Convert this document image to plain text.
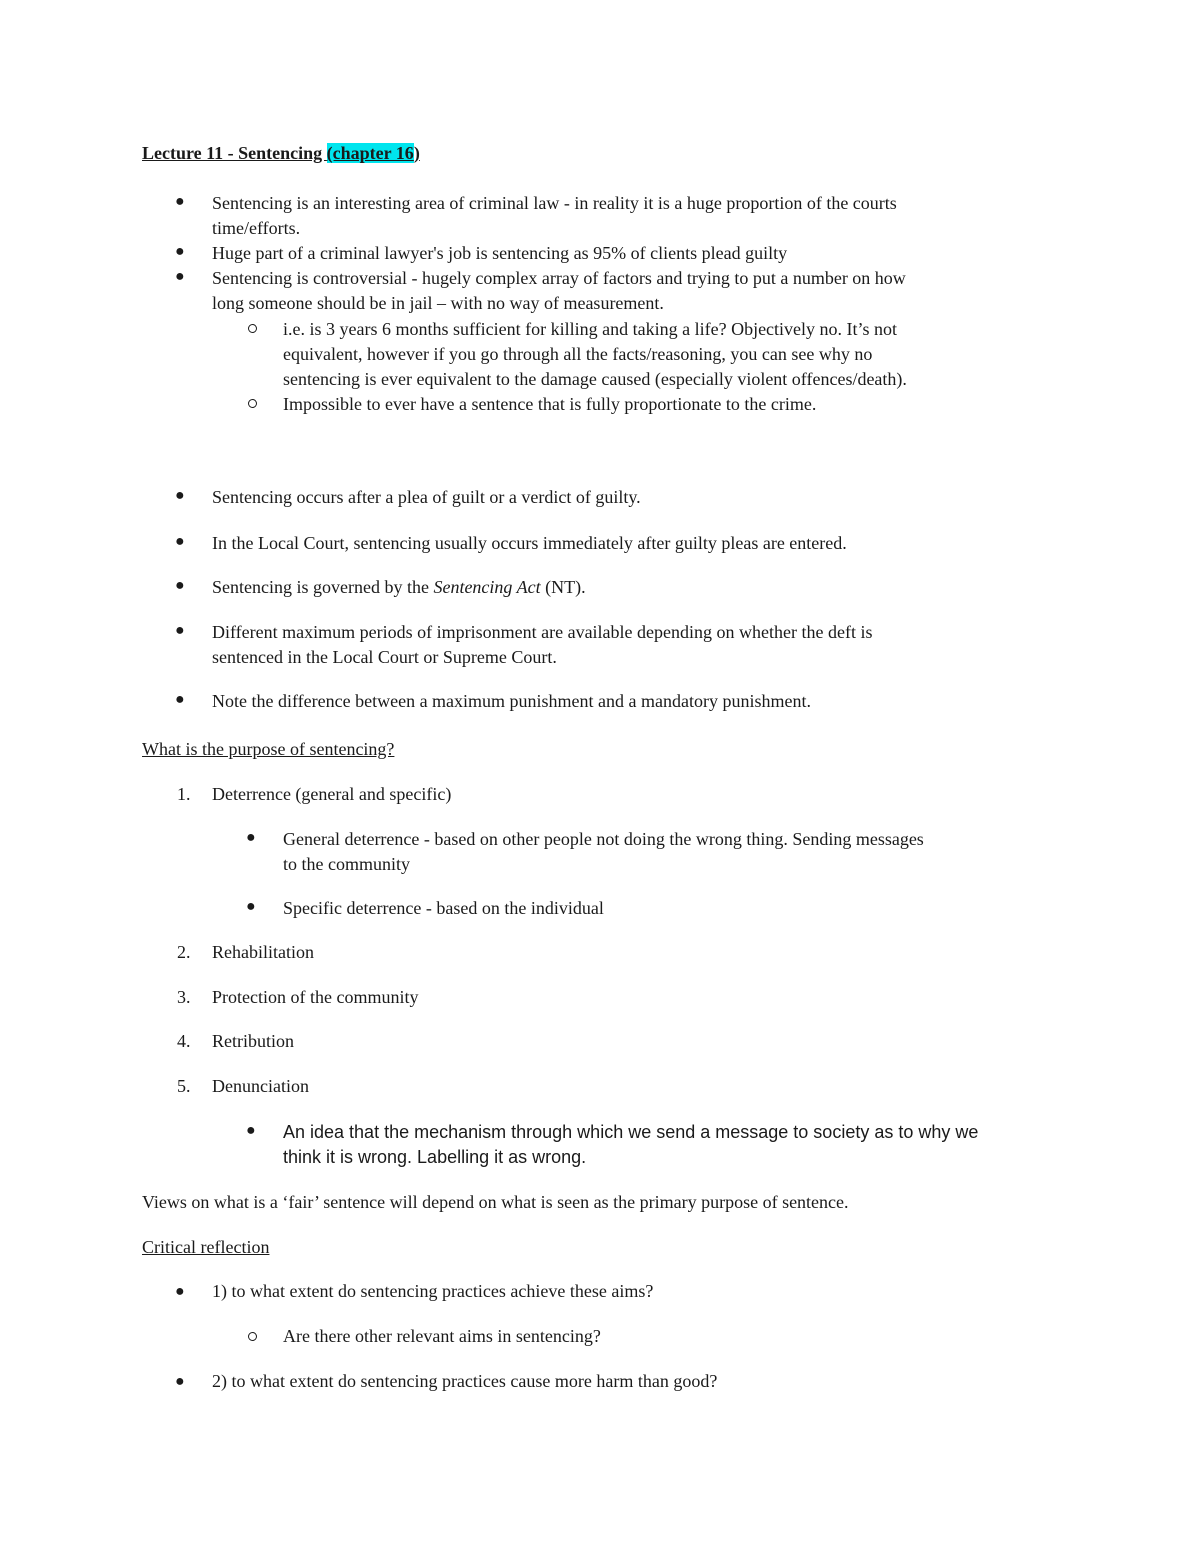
Lecture 11 - Sentencing (chapter 16)
● Sentencing is an interesting area of criminal law - in reality it is a huge proportion of the courts
time/efforts.
● Huge part of a criminal lawyer's job is sentencing as 95% of clients plead guilty
● Sentencing is controversial - hugely complex array of factors and trying to put a number on how
long someone should be in jail – with no way of measurement.
i.e. is 3 years 6 months sufficient for killing and taking a life? Objectively no. It’s not
equivalent, however if you go through all the facts/reasoning, you can see why no
sentencing is ever equivalent to the damage caused (especially violent offences/death).
Impossible to ever have a sentence that is fully proportionate to the crime.
● Sentencing occurs after a plea of guilt or a verdict of guilty.
● In the Local Court, sentencing usually occurs immediately after guilty pleas are entered.
● Sentencing is governed by the Sentencing Act (NT).
● Different maximum periods of imprisonment are available depending on whether the deft is
sentenced in the Local Court or Supreme Court.
● Note the difference between a maximum punishment and a mandatory punishment.
What is the purpose of sentencing?
1. Deterrence (general and specific)
● General deterrence - based on other people not doing the wrong thing. Sending messages
to the community
● Specific deterrence - based on the individual
2. Rehabilitation
3. Protection of the community
4. Retribution
5. Denunciation
● An idea that the mechanism through which we send a message to society as to why we
think it is wrong. Labelling it as wrong.
Views on what is a ‘fair’ sentence will depend on what is seen as the primary purpose of sentence.
Critical reflection
● 1) to what extent do sentencing practices achieve these aims?
Are there other relevant aims in sentencing?
● 2) to what extent do sentencing practices cause more harm than good?
